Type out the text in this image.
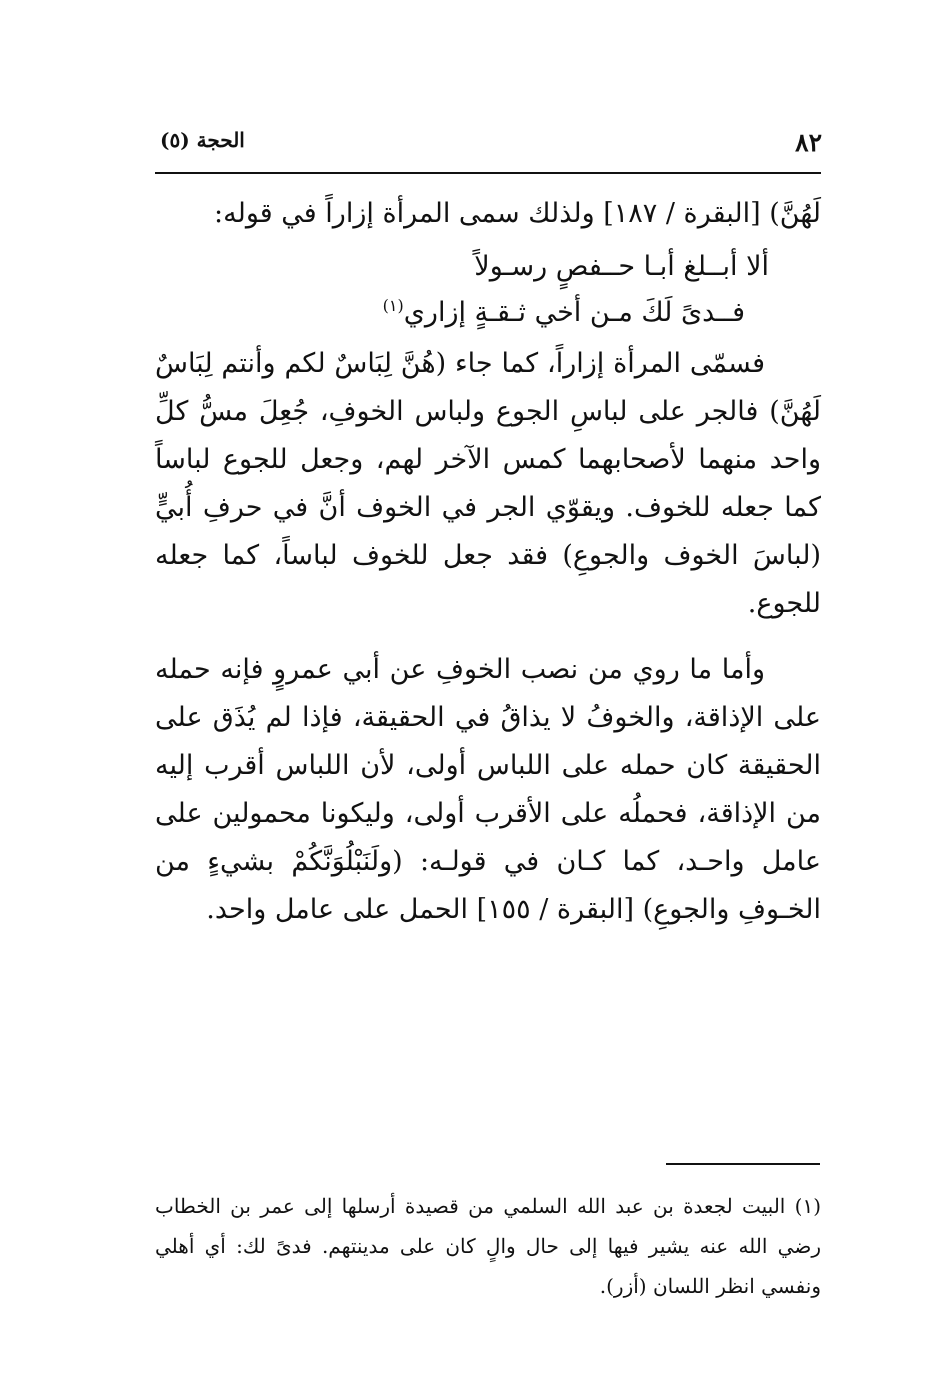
٨٢
الحجة (٥)

لَهُنَّ) [البقرة / ١٨٧] ولذلك سمى المرأة إزاراً في قوله:

ألا أبــلغ أبـا حــفصٍ رسـولاً
فــدىً لَكَ مـن أخي ثـقـةٍ إزاري$^{(١)}$

فسمّى المرأة إزاراً، كما جاء (هُنَّ لِبَاسٌ لكم وأنتم لِبَاسٌ لَهُنَّ) فالجر على لباسِ الجوع ولباس الخوفِ، جُعِلَ مسُّ كلِّ واحد منهما لأصحابهما كمس الآخر لهم، وجعل للجوع لباساً كما جعله للخوف. ويقوّي الجر في الخوف أنَّ في حرفِ أُبيٍّ (لباسَ الخوف والجوعِ) فقد جعل للخوف لباساً، كما جعله للجوع.

وأما ما روي من نصب الخوفِ عن أبي عمروٍ فإنه حمله على الإذاقة، والخوفُ لا يذاقُ في الحقيقة، فإذا لم يُذَق على الحقيقة كان حمله على اللباس أولى، لأن اللباس أقرب إليه من الإذاقة، فحملُه على الأقرب أولى، وليكونا محمولين على عامل واحـد، كما كـان في قولـه: (ولَنَبْلُوَنَّكُمْ بشيءٍ من الخـوفِ والجوعِ) [البقرة / ١٥٥] الحمل على عامل واحد.

(١) البيت لجعدة بن عبد الله السلمي من قصيدة أرسلها إلى عمر بن الخطاب رضي الله عنه يشير فيها إلى حال والٍ كان على مدينتهم. فدىً لك: أي أهلي ونفسي انظر اللسان (أزر).
